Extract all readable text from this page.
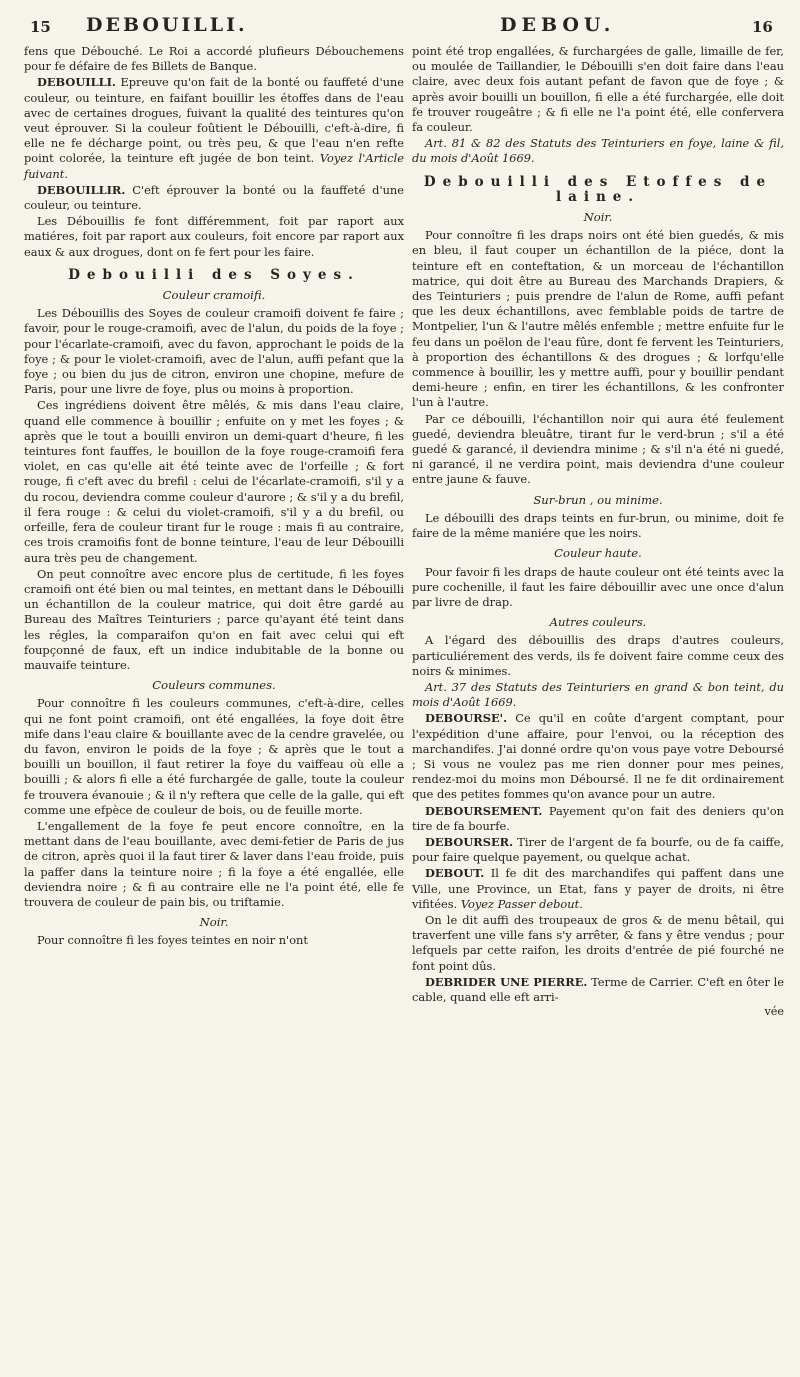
15 DEBOUILLI.	DEBOU.	16

fens que Débouché. Le Roi a accordé plufieurs Débouchemens pour fe défaire de fes Billets de Banque.

DEBOUILLI. Epreuve qu'on fait de la bonté ou fauffeté d'une couleur, ou teinture, en faifant bouillir les étoffes dans de l'eau avec de certaines drogues, fuivant la qualité des teintures qu'on veut éprouver. Si la couleur foûtient le Débouilli, c'eft-à-dire, fi elle ne fe décharge point, ou très peu, & que l'eau n'en refte point colorée, la teinture eft jugée de bon teint. Voyez l'Article fuivant.

DEBOUILLIR. C'eft éprouver la bonté ou la fauffeté d'une couleur, ou teinture.

Les Débouillis fe font différemment, foit par raport aux matiéres, foit par raport aux couleurs, foit encore par raport aux eaux & aux drogues, dont on fe fert pour les faire.

Debouilli des Soyes.
Couleur cramoifi.

Les Débouillis des Soyes de couleur cramoifi doivent fe faire ; favoir, pour le rouge-cramoifi, avec de l'alun, du poids de la foye ; pour l'écarlate-cramoifi, avec du favon, approchant le poids de la foye ; & pour le violet-cramoifi, avec de l'alun, auffi pefant que la foye ; ou bien du jus de citron, environ une chopine, mefure de Paris, pour une livre de foye, plus ou moins à proportion.

Ces ingrédiens doivent être mêlés, & mis dans l'eau claire, quand elle commence à bouillir ; enfuite on y met les foyes ; & après que le tout a bouilli environ un demi-quart d'heure, fi les teintures font fauffes, le bouillon de la foye rouge-cramoifi fera violet, en cas qu'elle ait été teinte avec de l'orfeille ; & fort rouge, fi c'eft avec du brefil : celui de l'écarlate-cramoifi, s'il y a du rocou, deviendra comme couleur d'aurore ; & s'il y a du brefil, il fera rouge : & celui du violet-cramoifi, s'il y a du brefil, ou orfeille, fera de couleur tirant fur le rouge : mais fi au contraire, ces trois cramoifis font de bonne teinture, l'eau de leur Débouilli aura très peu de changement.

On peut connoître avec encore plus de certitude, fi les foyes cramoifi ont été bien ou mal teintes, en mettant dans le Débouilli un échantillon de la couleur matrice, qui doit être gardé au Bureau des Maîtres Teinturiers ; parce qu'ayant été teint dans les régles, la comparaifon qu'on en fait avec celui qui eft foupçonné de faux, eft un indice indubitable de la bonne ou mauvaife teinture.

Couleurs communes.

Pour connoître fi les couleurs communes, c'eft-à-dire, celles qui ne font point cramoifi, ont été engallées, la foye doit être mife dans l'eau claire & bouillante avec de la cendre gravelée, ou du favon, environ le poids de la foye ; & après que le tout a bouilli un bouillon, il faut retirer la foye du vaiffeau où elle a bouilli ; & alors fi elle a été furchargée de galle, toute la couleur fe trouvera évanouie ; & il n'y reftera que celle de la galle, qui eft comme une efpèce de couleur de bois, ou de feuille morte.

L'engallement de la foye fe peut encore connoître, en la mettant dans de l'eau bouillante, avec demi-fetier de Paris de jus de citron, après quoi il la faut tirer & laver dans l'eau froide, puis la paffer dans la teinture noire ; fi la foye a été engallée, elle deviendra noire ; & fi au contraire elle ne l'a point été, elle fe trouvera de couleur de pain bis, ou triftamie.

Noir.

Pour connoître fi les foyes teintes en noir n'ont

point été trop engallées, & furchargées de galle, limaille de fer, ou moulée de Taillandier, le Débouilli s'en doit faire dans l'eau claire, avec deux fois autant pefant de favon que de foye ; & après avoir bouilli un bouillon, fi elle a été furchargée, elle doit fe trouver rougeâtre ; & fi elle ne l'a point été, elle confervera fa couleur.

Art. 81 & 82 des Statuts des Teinturiers en foye, laine & fil, du mois d'Août 1669.

Debouilli des Etoffes de laine.
Noir.

Pour connoître fi les draps noirs ont été bien guedés, & mis en bleu, il faut couper un échantillon de la piéce, dont la teinture eft en conteftation, & un morceau de l'échantillon matrice, qui doit être au Bureau des Marchands Drapiers, & des Teinturiers ; puis prendre de l'alun de Rome, auffi pefant que les deux échantillons, avec femblable poids de tartre de Montpelier, l'un & l'autre mêlés enfemble ; mettre enfuite fur le feu dans un poëlon de l'eau fûre, dont fe fervent les Teinturiers, à proportion des échantillons & des drogues ; & lorfqu'elle commence à bouillir, les y mettre auffi, pour y bouillir pendant demi-heure ; enfin, en tirer les échantillons, & les confronter l'un à l'autre.

Par ce débouilli, l'échantillon noir qui aura été feulement guedé, deviendra bleuâtre, tirant fur le verd-brun ; s'il a été guedé & garancé, il deviendra minime ; & s'il n'a été ni guedé, ni garancé, il ne verdira point, mais deviendra d'une couleur entre jaune & fauve.

Sur-brun , ou minime.

Le débouilli des draps teints en fur-brun, ou minime, doit fe faire de la même maniére que les noirs.

Couleur haute.

Pour favoir fi les draps de haute couleur ont été teints avec la pure cochenille, il faut les faire débouillir avec une once d'alun par livre de drap.

Autres couleurs.

A l'égard des débouillis des draps d'autres couleurs, particuliérement des verds, ils fe doivent faire comme ceux des noirs & minimes.

Art. 37 des Statuts des Teinturiers en grand & bon teint, du mois d'Août 1669.

DEBOURSE'. Ce qu'il en coûte d'argent comptant, pour l'expédition d'une affaire, pour l'envoi, ou la réception des marchandifes. J'ai donné ordre qu'on vous paye votre Deboursé ; Si vous ne voulez pas me rien donner pour mes peines, rendez-moi du moins mon Déboursé. Il ne fe dit ordinairement que des petites fommes qu'on avance pour un autre.

DEBOURSEMENT. Payement qu'on fait des deniers qu'on tire de fa bourfe.

DEBOURSER. Tirer de l'argent de fa bourfe, ou de fa caiffe, pour faire quelque payement, ou quelque achat.

DEBOUT. Il fe dit des marchandifes qui paffent dans une Ville, une Province, un Etat, fans y payer de droits, ni être vifitées. Voyez Passer debout.

On le dit auffi des troupeaux de gros & de menu bêtail, qui traverfent une ville fans s'y arrêter, & fans y être vendus ; pour lefquels par cette raifon, les droits d'entrée de pié fourché ne font point dûs.

DEBRIDER UNE PIERRE. Terme de Carrier. C'eft en ôter le cable, quand elle eft arri-

vée
